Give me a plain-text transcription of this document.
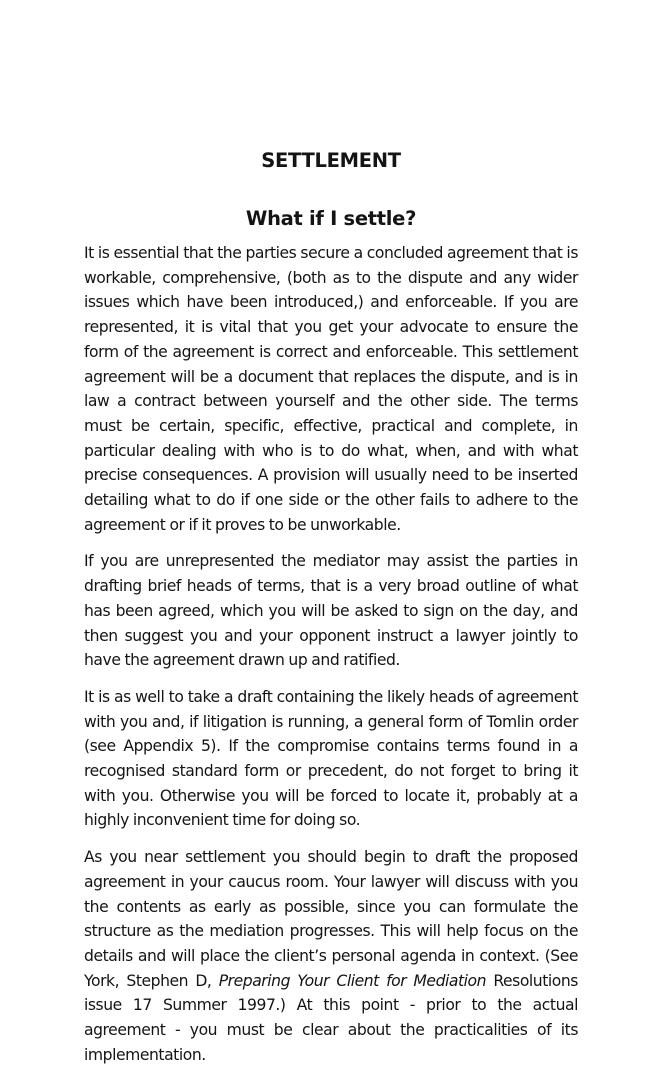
SETTLEMENT
What if I settle?

It is essential that the parties secure a concluded agreement that is workable, comprehensive, (both as to the dispute and any wider issues which have been introduced,) and enforceable. If you are represented, it is vital that you get your advocate to ensure the form of the agreement is correct and enforceable. This settlement agreement will be a document that replaces the dispute, and is in law a contract between yourself and the other side. The terms must be certain, specific, effective, practical and complete, in particular dealing with who is to do what, when, and with what precise consequences. A provision will usually need to be inserted detailing what to do if one side or the other fails to adhere to the agreement or if it proves to be unworkable.

If you are unrepresented the mediator may assist the parties in drafting brief heads of terms, that is a very broad outline of what has been agreed, which you will be asked to sign on the day, and then suggest you and your opponent instruct a lawyer jointly to have the agreement drawn up and ratified.

It is as well to take a draft containing the likely heads of agreement with you and, if litigation is running, a general form of Tomlin order (see Appendix 5). If the compromise contains terms found in a recognised standard form or precedent, do not forget to bring it with you. Otherwise you will be forced to locate it, probably at a highly inconvenient time for doing so.

As you near settlement you should begin to draft the proposed agreement in your caucus room. Your lawyer will discuss with you the contents as early as possible, since you can formulate the structure as the mediation progresses. This will help focus on the details and will place the client’s personal agenda in context. (See York, Stephen D, Preparing Your Client for Mediation Resolutions issue 17 Summer 1997.) At this point - prior to the actual agreement - you must be clear about the practicalities of its implementation.
